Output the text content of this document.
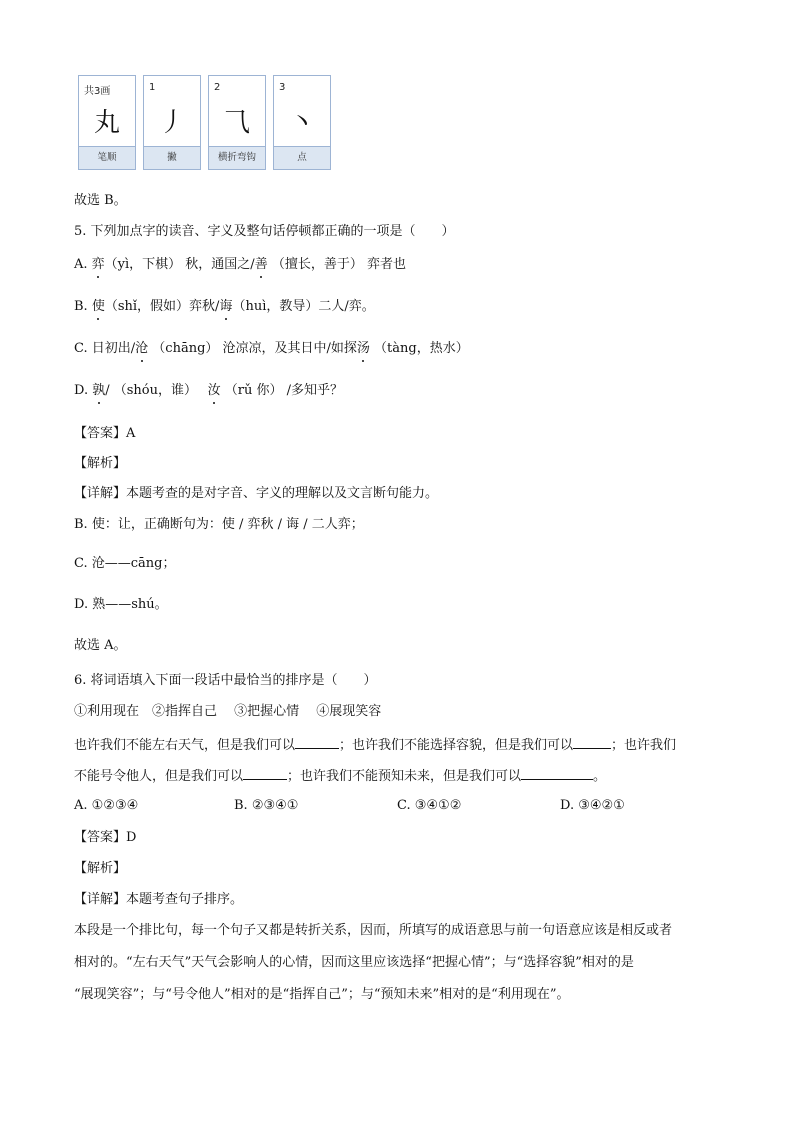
共3画
丸
笔顺
1
丿
撇
2
⺄
横折弯钩
3
丶
点
故选 B。
5. 下列加点字的读音、字义及整句话停顿都正确的一项是（　　）
A. 弈（yì，下棋） 秋，通国之/善 （擅长，善于） 弈者也
B. 使（shǐ，假如）弈秋/诲（huì，教导）二人/弈。
C. 日初出/沧 （chāng） 沧凉凉，及其日中/如探汤 （tàng，热水）
D. 孰/ （shóu，谁）　 汝 （rǔ 你） /多知乎？
【答案】A
【解析】
【详解】本题考查的是对字音、字义的理解以及文言断句能力。
B. 使：让，正确断句为：使 / 弈秋 / 诲 / 二人弈；
C. 沧——cāng；
D. 熟——shú。
故选 A。
6. 将词语填入下面一段话中最恰当的排序是（　　）
①利用现在　②指挥自己　 ③把握心情　 ④展现笑容
也许我们不能左右天气，但是我们可以	；也许我们不能选择容貌，但是我们可以	；也许我们
不能号令他人，但是我们可以	；也许我们不能预知未来，但是我们可以	。
A. ①②③④	B. ②③④①	C. ③④①②	D. ③④②①
【答案】D
【解析】
【详解】本题考查句子排序。
本段是一个排比句，每一个句子又都是转折关系，因而，所填写的成语意思与前一句语意应该是相反或者
相对的。“左右天气”天气会影响人的心情，因而这里应该选择“把握心情”；与“选择容貌”相对的是
“展现笑容”；与“号令他人”相对的是“指挥自己”；与“预知未来”相对的是“利用现在”。
